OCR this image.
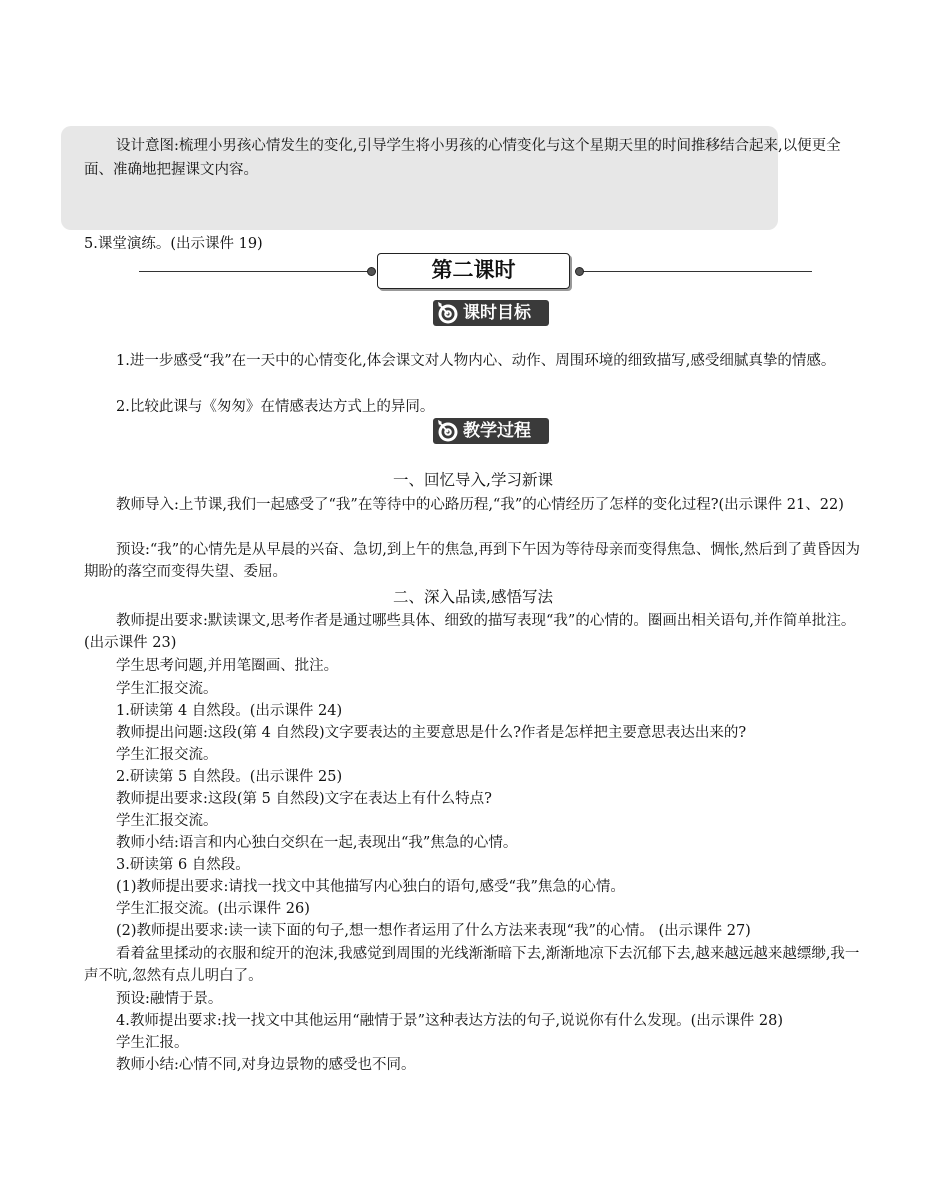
设计意图:梳理小男孩心情发生的变化,引导学生将小男孩的心情变化与这个星期天里的时间推移结合起来,以便更全面、准确地把握课文内容。
5.课堂演练。(出示课件 19)
第二课时
课时目标
1.进一步感受“我”在一天中的心情变化,体会课文对人物内心、动作、周围环境的细致描写,感受细腻真挚的情感。
2.比较此课与《匆匆》在情感表达方式上的异同。
教学过程
一、回忆导入,学习新课
教师导入:上节课,我们一起感受了“我”在等待中的心路历程,“我”的心情经历了怎样的变化过程?(出示课件 21、22)
预设:“我”的心情先是从早晨的兴奋、急切,到上午的焦急,再到下午因为等待母亲而变得焦急、惆怅,然后到了黄昏因为期盼的落空而变得失望、委屈。
二、深入品读,感悟写法
教师提出要求:默读课文,思考作者是通过哪些具体、细致的描写表现“我”的心情的。圈画出相关语句,并作简单批注。(出示课件 23)
学生思考问题,并用笔圈画、批注。
学生汇报交流。
1.研读第 4 自然段。(出示课件 24)
教师提出问题:这段(第 4 自然段)文字要表达的主要意思是什么?作者是怎样把主要意思表达出来的?
学生汇报交流。
2.研读第 5 自然段。(出示课件 25)
教师提出要求:这段(第 5 自然段)文字在表达上有什么特点?
学生汇报交流。
教师小结:语言和内心独白交织在一起,表现出“我”焦急的心情。
3.研读第 6 自然段。
(1)教师提出要求:请找一找文中其他描写内心独白的语句,感受“我”焦急的心情。
学生汇报交流。(出示课件 26)
(2)教师提出要求:读一读下面的句子,想一想作者运用了什么方法来表现“我”的心情。 (出示课件 27)
看着盆里揉动的衣服和绽开的泡沫,我感觉到周围的光线渐渐暗下去,渐渐地凉下去沉郁下去,越来越远越来越缥缈,我一声不吭,忽然有点儿明白了。
预设:融情于景。
4.教师提出要求:找一找文中其他运用“融情于景”这种表达方法的句子,说说你有什么发现。(出示课件 28)
学生汇报。
教师小结:心情不同,对身边景物的感受也不同。
